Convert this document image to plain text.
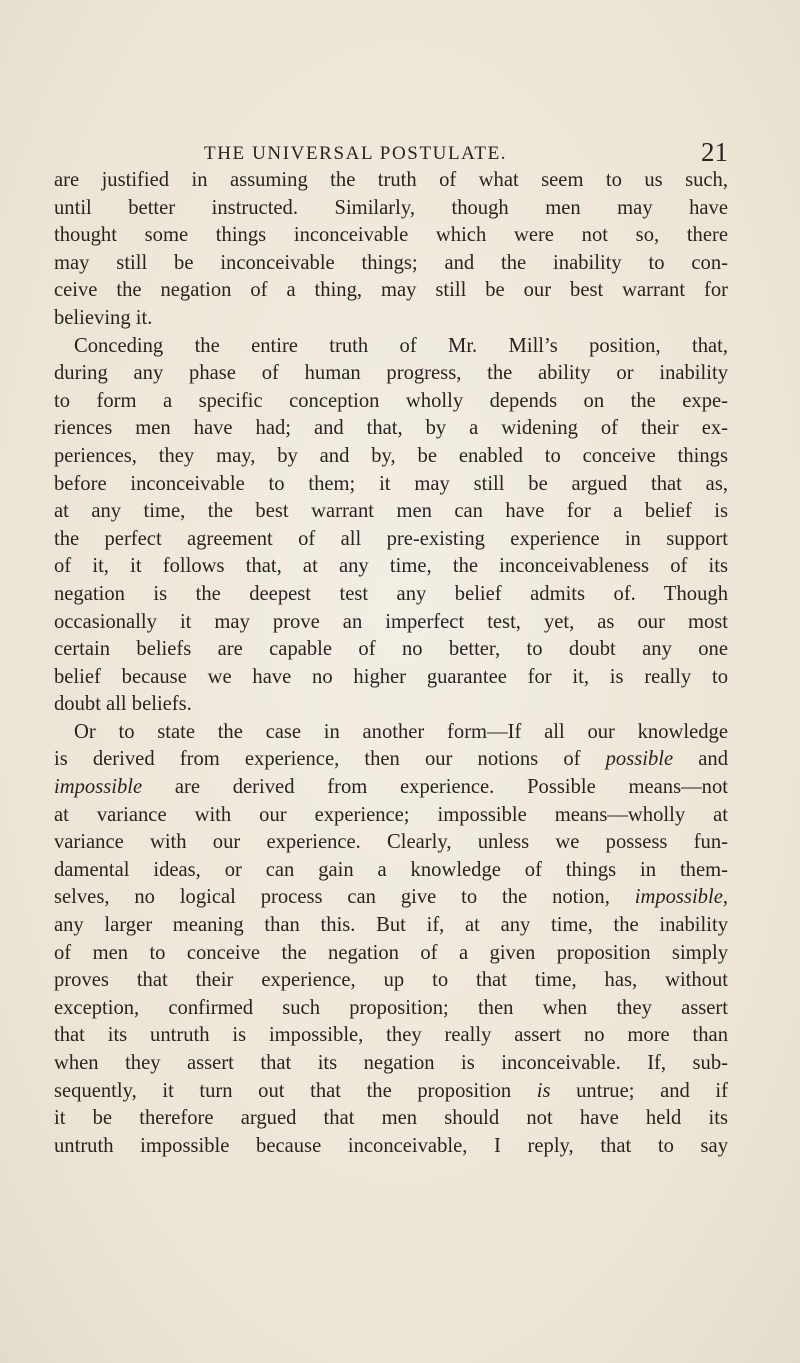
THE UNIVERSAL POSTULATE.	21
are justified in assuming the truth of what seem to us such,
until better instructed. Similarly, though men may have
thought some things inconceivable which were not so, there
may still be inconceivable things; and the inability to con-
ceive the negation of a thing, may still be our best warrant for
believing it.
Conceding the entire truth of Mr. Mill’s position, that,
during any phase of human progress, the ability or inability
to form a specific conception wholly depends on the expe-
riences men have had; and that, by a widening of their ex-
periences, they may, by and by, be enabled to conceive things
before inconceivable to them; it may still be argued that as,
at any time, the best warrant men can have for a belief is
the perfect agreement of all pre-existing experience in support
of it, it follows that, at any time, the inconceivableness of its
negation is the deepest test any belief admits of. Though
occasionally it may prove an imperfect test, yet, as our most
certain beliefs are capable of no better, to doubt any one
belief because we have no higher guarantee for it, is really to
doubt all beliefs.
Or to state the case in another form—If all our knowledge
is derived from experience, then our notions of possible and
impossible are derived from experience. Possible means—not
at variance with our experience; impossible means—wholly at
variance with our experience. Clearly, unless we possess fun-
damental ideas, or can gain a knowledge of things in them-
selves, no logical process can give to the notion, impossible,
any larger meaning than this. But if, at any time, the inability
of men to conceive the negation of a given proposition simply
proves that their experience, up to that time, has, without
exception, confirmed such proposition; then when they assert
that its untruth is impossible, they really assert no more than
when they assert that its negation is inconceivable. If, sub-
sequently, it turn out that the proposition is untrue; and if
it be therefore argued that men should not have held its
untruth impossible because inconceivable, I reply, that to say
